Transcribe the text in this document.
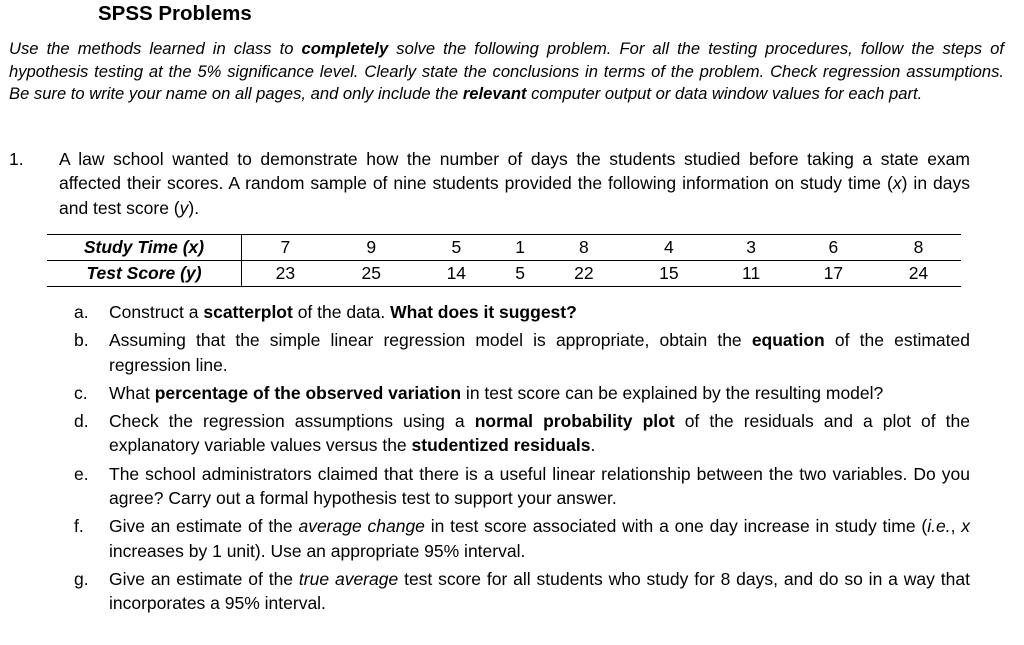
SPSS Problems
Use the methods learned in class to completely solve the following problem. For all the testing procedures, follow the steps of hypothesis testing at the 5% significance level. Clearly state the conclusions in terms of the problem. Check regression assumptions. Be sure to write your name on all pages, and only include the relevant computer output or data window values for each part.
1. A law school wanted to demonstrate how the number of days the students studied before taking a state exam affected their scores. A random sample of nine students provided the following information on study time (x) in days and test score (y).
Study Time (x)	7	9	5	1	8	4	3	6	8
Test Score (y)	23	25	14	5	22	15	11	17	24
a. Construct a scatterplot of the data. What does it suggest?
b. Assuming that the simple linear regression model is appropriate, obtain the equation of the estimated regression line.
c. What percentage of the observed variation in test score can be explained by the resulting model?
d. Check the regression assumptions using a normal probability plot of the residuals and a plot of the explanatory variable values versus the studentized residuals.
e. The school administrators claimed that there is a useful linear relationship between the two variables. Do you agree? Carry out a formal hypothesis test to support your answer.
f. Give an estimate of the average change in test score associated with a one day increase in study time (i.e., x increases by 1 unit). Use an appropriate 95% interval.
g. Give an estimate of the true average test score for all students who study for 8 days, and do so in a way that incorporates a 95% interval.
